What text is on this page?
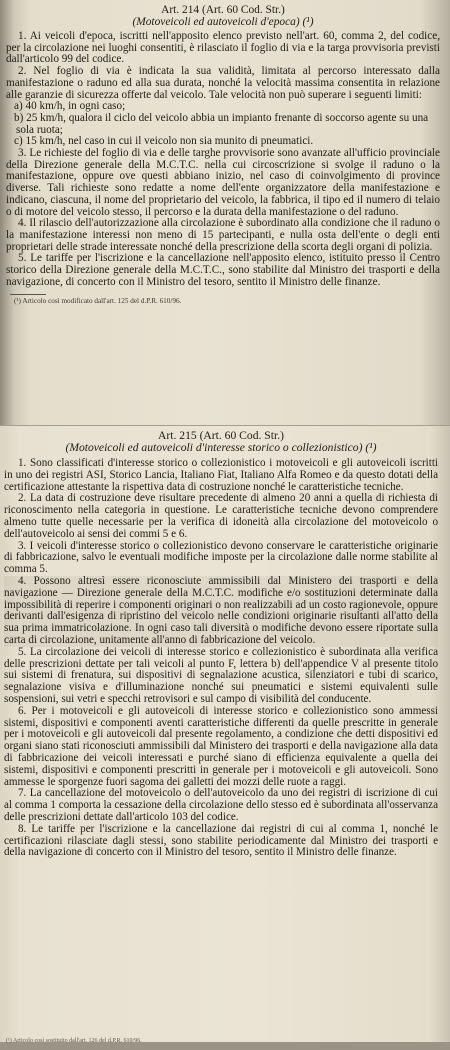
Art. 214 (Art. 60 Cod. Str.)

(Motoveicoli ed autoveicoli d'epoca) (¹)

1. Ai veicoli d'epoca, iscritti nell'apposito elenco previsto nell'art. 60, comma 2, del codice, per la circolazione nei luoghi consentiti, è rilasciato il foglio di via e la targa provvisoria previsti dall'articolo 99 del codice.

2. Nel foglio di via è indicata la sua validità, limitata al percorso interessato dalla manifestazione o raduno ed alla sua durata, nonché la velocità massima consentita in relazione alle garanzie di sicurezza offerte dal veicolo. Tale velocità non può superare i seguenti limiti:

a) 40 km/h, in ogni caso;

b) 25 km/h, qualora il ciclo del veicolo abbia un impianto frenante di soccorso agente su una sola ruota;

c) 15 km/h, nel caso in cui il veicolo non sia munito di pneumatici.

3. Le richieste del foglio di via e delle targhe provvisorie sono avanzate all'ufficio provinciale della Direzione generale della M.C.T.C. nella cui circoscrizione si svolge il raduno o la manifestazione, oppure ove questi abbiano inizio, nel caso di coinvolgimento di province diverse. Tali richieste sono redatte a nome dell'ente organizzatore della manifestazione e indicano, ciascuna, il nome del proprietario del veicolo, la fabbrica, il tipo ed il numero di telaio o di motore del veicolo stesso, il percorso e la durata della manifestazione o del raduno.

4. Il rilascio dell'autorizzazione alla circolazione è subordinato alla condizione che il raduno o la manifestazione interessi non meno di 15 partecipanti, e nulla osta dell'ente o degli enti proprietari delle strade interessate nonché della prescrizione della scorta degli organi di polizia.

5. Le tariffe per l'iscrizione e la cancellazione nell'apposito elenco, istituito presso il Centro storico della Direzione generale della M.C.T.C., sono stabilite dal Ministro dei trasporti e della navigazione, di concerto con il Ministro del tesoro, sentito il Ministro delle finanze.

(¹) Articolo così modificato dall'art. 125 del d.P.R. 610/96.

Art. 215 (Art. 60 Cod. Str.)

(Motoveicoli ed autoveicoli d'interesse storico o collezionistico) (¹)

1. Sono classificati d'interesse storico o collezionistico i motoveicoli e gli autoveicoli iscritti in uno dei registri ASI, Storico Lancia, Italiano Fiat, Italiano Alfa Romeo e da questo dotati della certificazione attestante la rispettiva data di costruzione nonché le caratteristiche tecniche.

2. La data di costruzione deve risultare precedente di almeno 20 anni a quella di richiesta di riconoscimento nella categoria in questione. Le caratteristiche tecniche devono comprendere almeno tutte quelle necessarie per la verifica di idoneità alla circolazione del motoveicolo o dell'autoveicolo ai sensi dei commi 5 e 6.

3. I veicoli d'interesse storico o collezionistico devono conservare le caratteristiche originarie di fabbricazione, salvo le eventuali modifiche imposte per la circolazione dalle norme stabilite al comma 5.

4. Possono altresì essere riconosciute ammissibili dal Ministero dei trasporti e della navigazione — Direzione generale della M.C.T.C. modifiche e/o sostituzioni determinate dalla impossibilità di reperire i componenti originari o non realizzabili ad un costo ragionevole, oppure derivanti dall'esigenza di ripristino del veicolo nelle condizioni originarie risultanti all'atto della sua prima immatricolazione. In ogni caso tali diversità o modifiche devono essere riportate sulla carta di circolazione, unitamente all'anno di fabbricazione del veicolo.

5. La circolazione dei veicoli di interesse storico e collezionistico è subordinata alla verifica delle prescrizioni dettate per tali veicoli al punto F, lettera b) dell'appendice V al presente titolo sui sistemi di frenatura, sui dispositivi di segnalazione acustica, silenziatori e tubi di scarico, segnalazione visiva e d'illuminazione nonché sui pneumatici e sistemi equivalenti sulle sospensioni, sui vetri e specchi retrovisori e sul campo di visibilità del conducente.

6. Per i motoveicoli e gli autoveicoli di interesse storico e collezionistico sono ammessi sistemi, dispositivi e componenti aventi caratteristiche differenti da quelle prescritte in generale per i motoveicoli e gli autoveicoli dal presente regolamento, a condizione che detti dispositivi ed organi siano stati riconosciuti ammissibili dal Ministero dei trasporti e della navigazione alla data di fabbricazione dei veicoli interessati e purché siano di efficienza equivalente a quella dei sistemi, dispositivi e componenti prescritti in generale per i motoveicoli e gli autoveicoli. Sono ammesse le sporgenze fuori sagoma dei galletti dei mozzi delle ruote a raggi.

7. La cancellazione del motoveicolo o dell'autoveicolo da uno dei registri di iscrizione di cui al comma 1 comporta la cessazione della circolazione dello stesso ed è subordinata all'osservanza delle prescrizioni dettate dall'articolo 103 del codice.

8. Le tariffe per l'iscrizione e la cancellazione dai registri di cui al comma 1, nonché le certificazioni rilasciate dagli stessi, sono stabilite periodicamente dal Ministro dei trasporti e della navigazione di concerto con il Ministro del tesoro, sentito il Ministro delle finanze.

(¹) Articolo così sostituito dall'art. 126 del d.P.R. 610/96.
